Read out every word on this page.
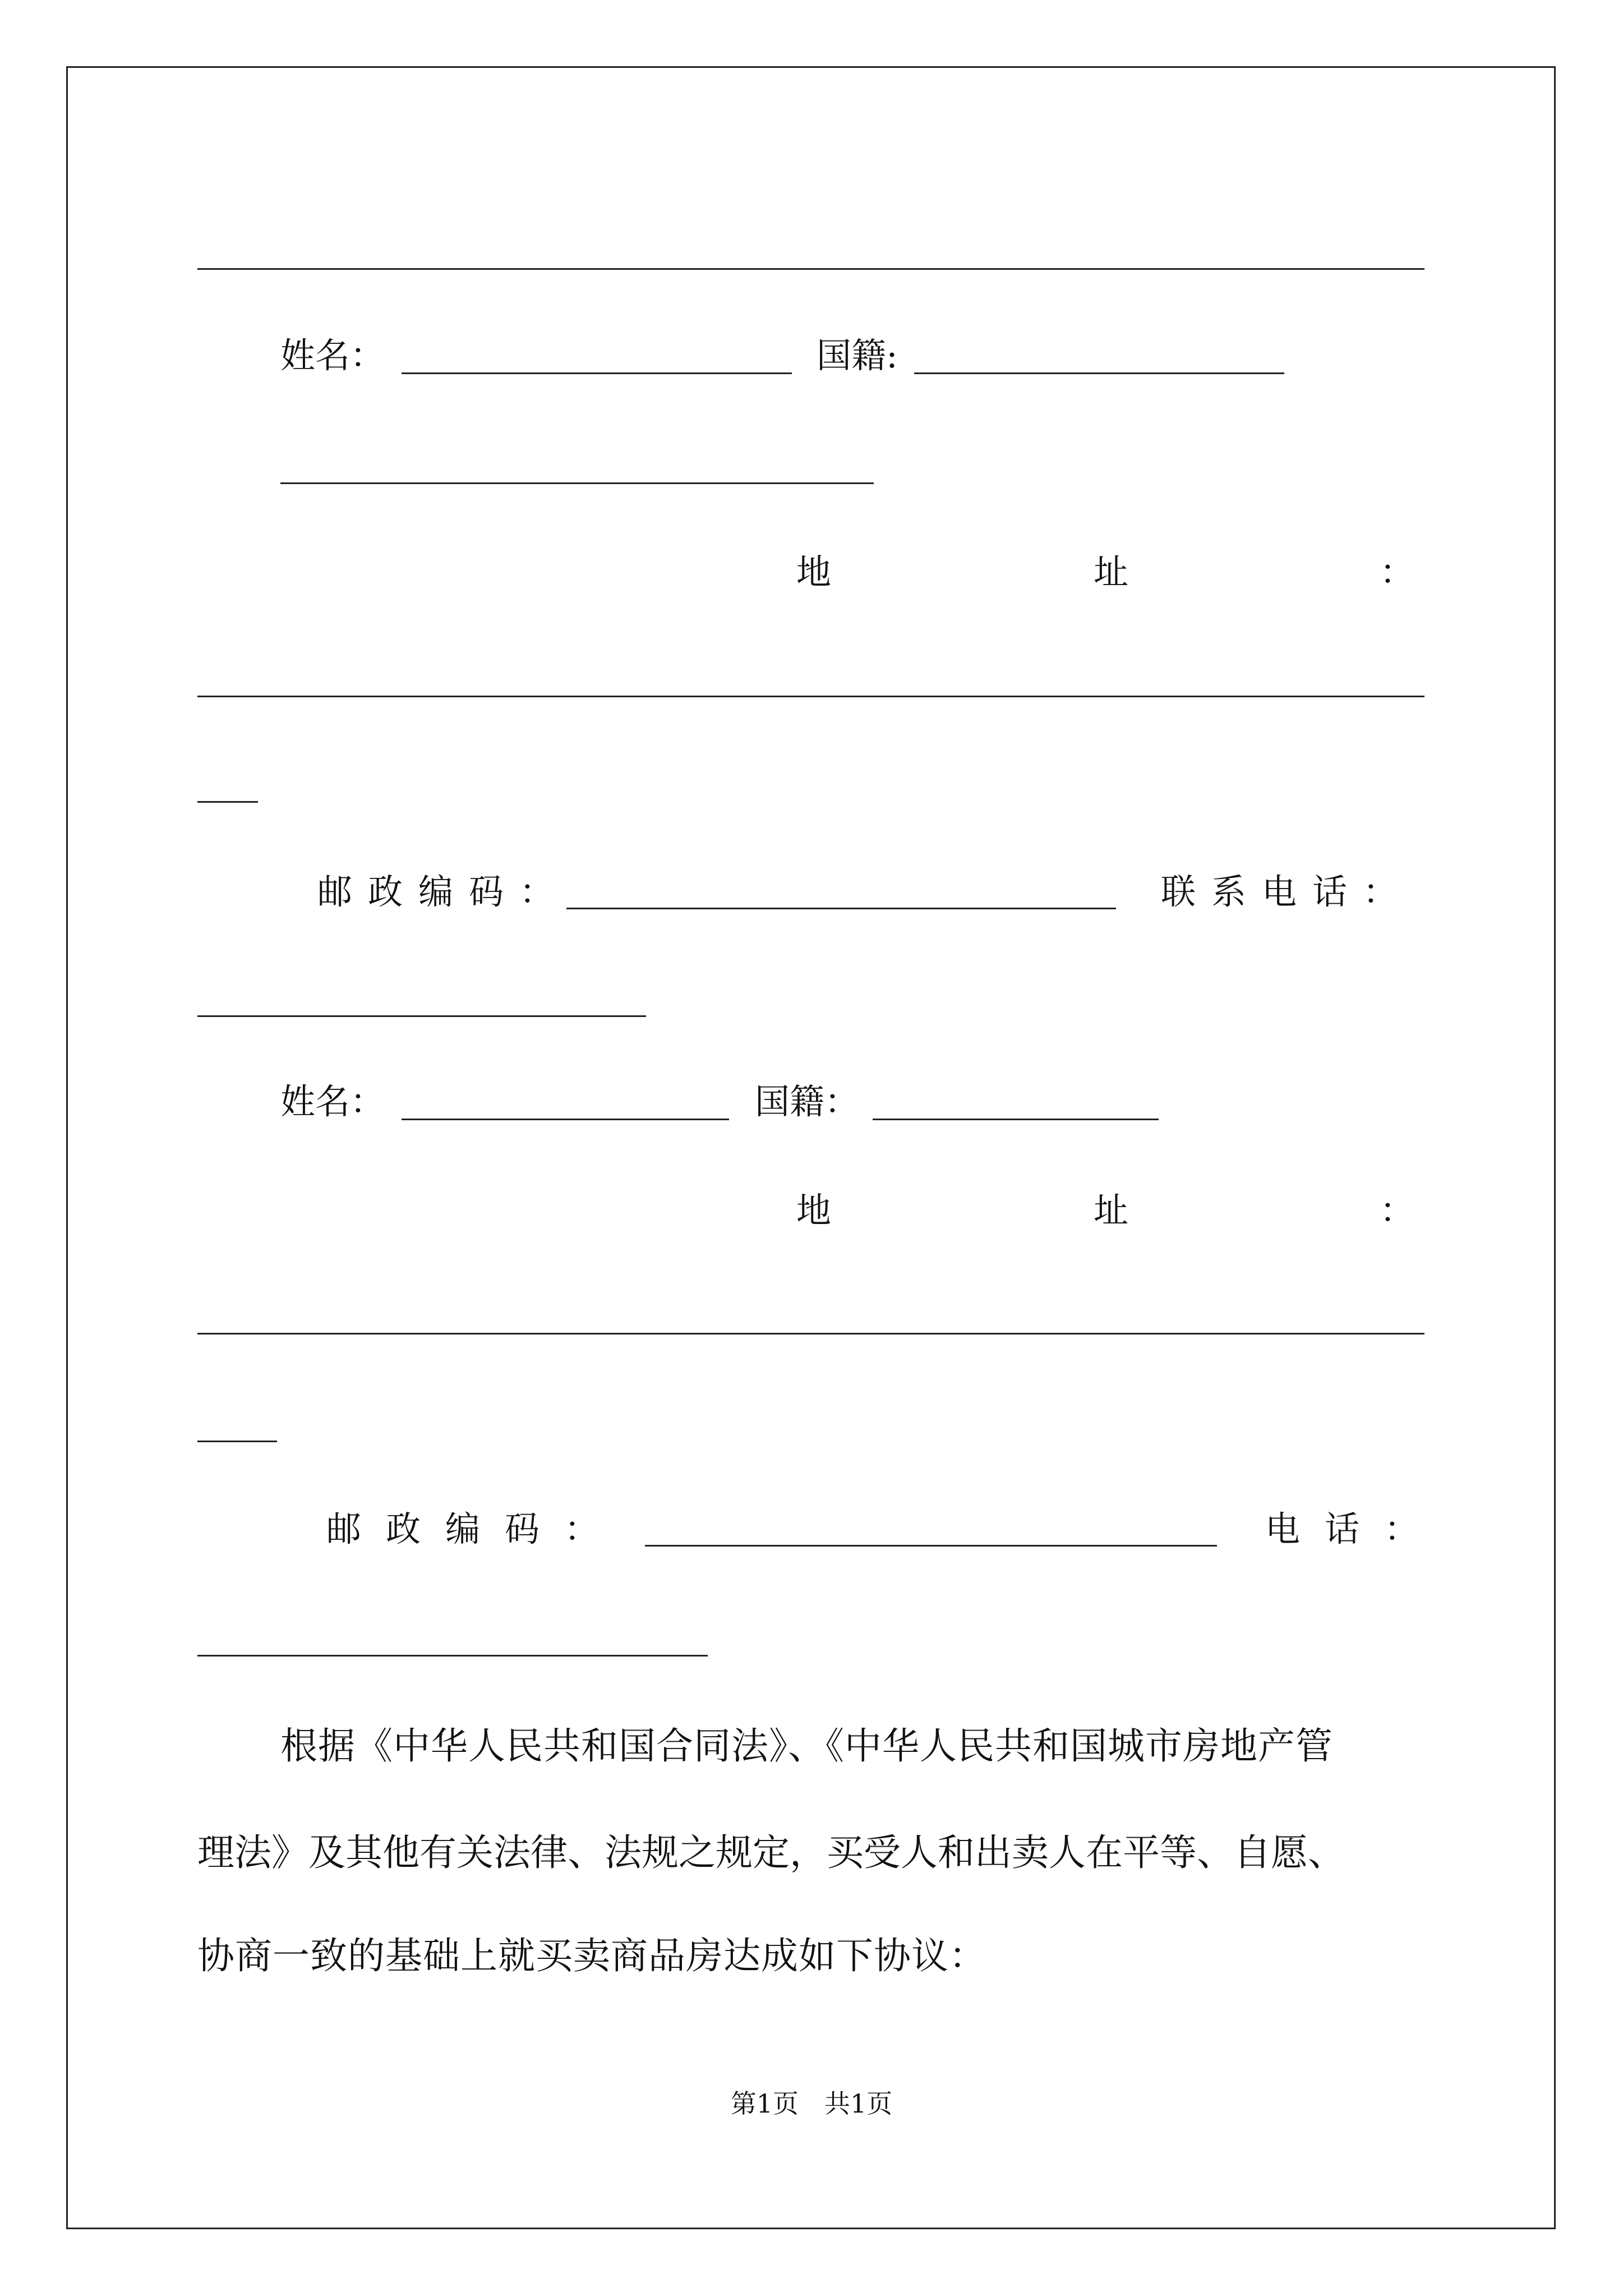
姓名：	国籍:
地	址	：
邮政编码：	联系电话：
姓名：	国籍：
地	址	：
邮政编码：	电话：
根据《中华人民共和国合同法》、《中华人民共和国城市房地产管
理法》及其他有关法律、法规之规定，买受人和出卖人在平等、自愿、
协商一致的基础上就买卖商品房达成如下协议：
第1页　共1页
